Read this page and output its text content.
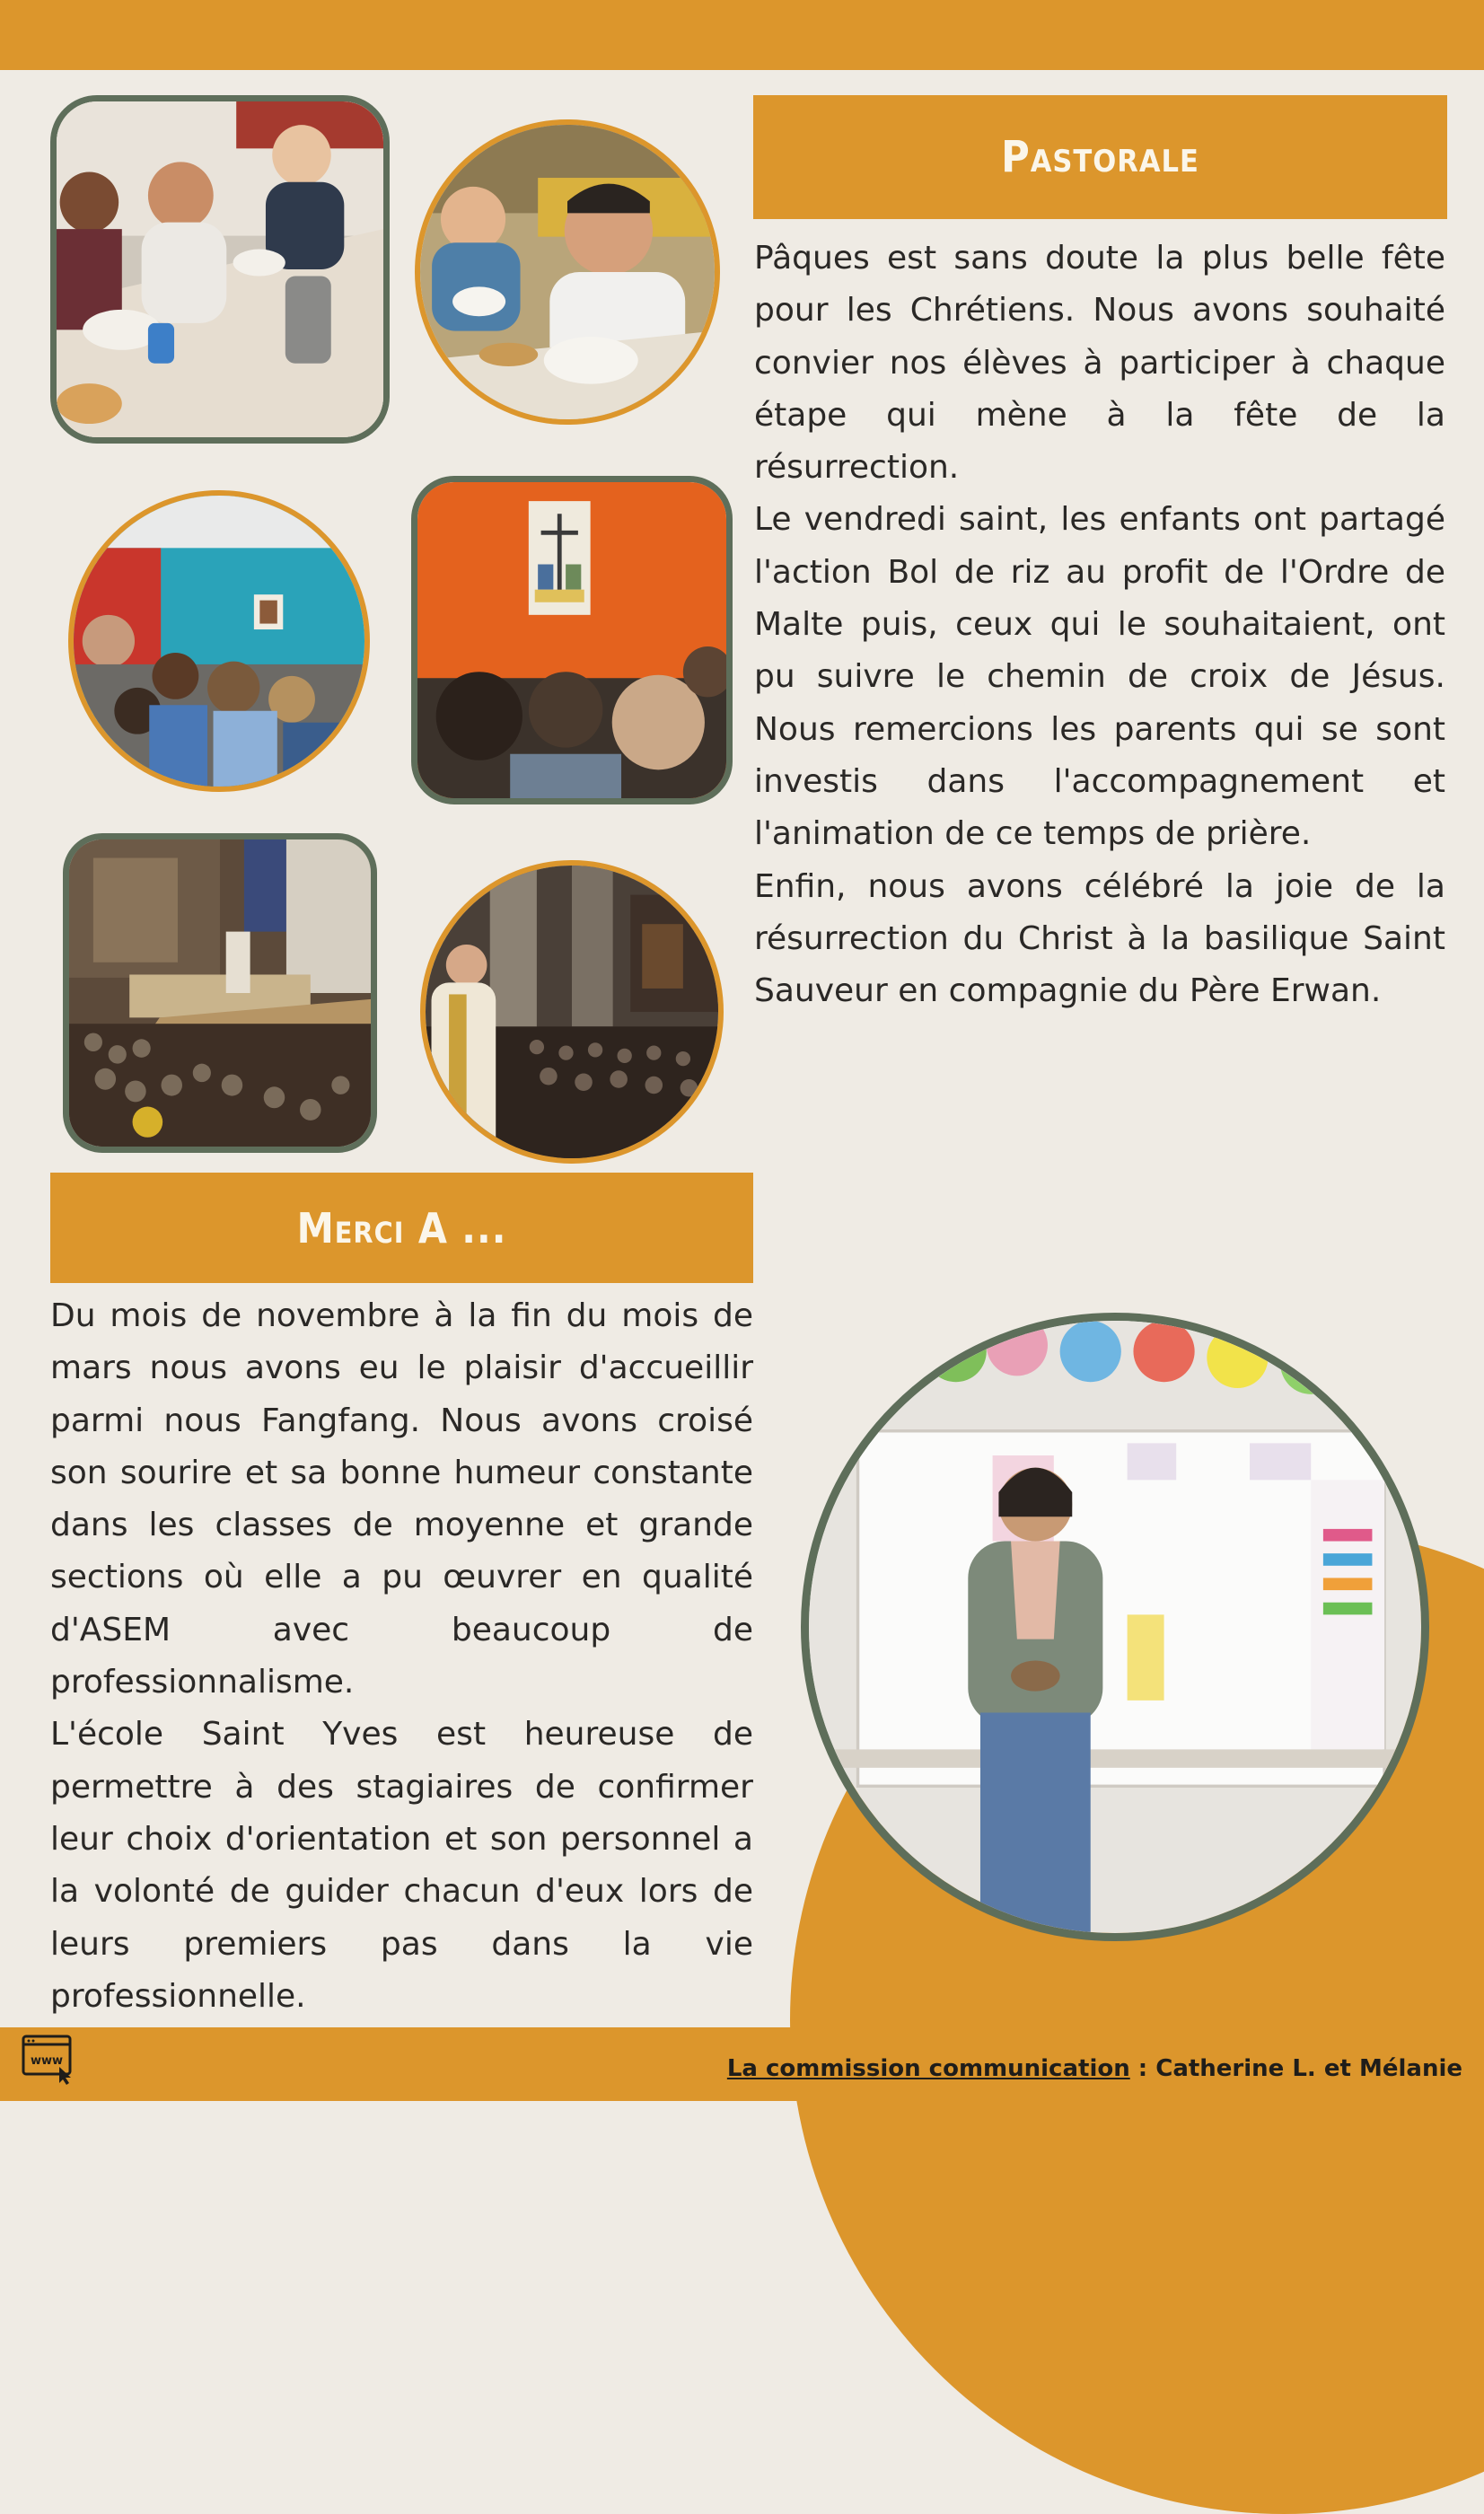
Pastorale

Pâques est sans doute la plus belle fête pour les Chrétiens. Nous avons souhaité convier nos élèves à participer à chaque étape qui mène à la fête de la résurrection.

Le vendredi saint, les enfants ont partagé l'action Bol de riz au profit de l'Ordre de Malte puis, ceux qui le souhaitaient, ont pu suivre le chemin de croix de Jésus. Nous remercions les parents qui se sont investis dans l'accompagnement et l'animation de ce temps de prière.

Enfin, nous avons célébré la joie de la résurrection du Christ à la basilique Saint Sauveur en compagnie du Père Erwan.

Merci A ...

Du mois de novembre à la fin du mois de mars nous avons eu le plaisir d'accueillir parmi nous Fangfang. Nous avons croisé son sourire et sa bonne humeur constante dans les classes de moyenne et grande sections où elle a pu œuvrer en qualité d'ASEM avec beaucoup de professionnalisme.

L'école Saint Yves est heureuse de permettre à des stagiaires de confirmer leur choix d'orientation et son personnel a la volonté de guider chacun d'eux lors de leurs premiers pas dans la vie professionnelle.

www	La commission communication : Catherine L. et Mélanie
